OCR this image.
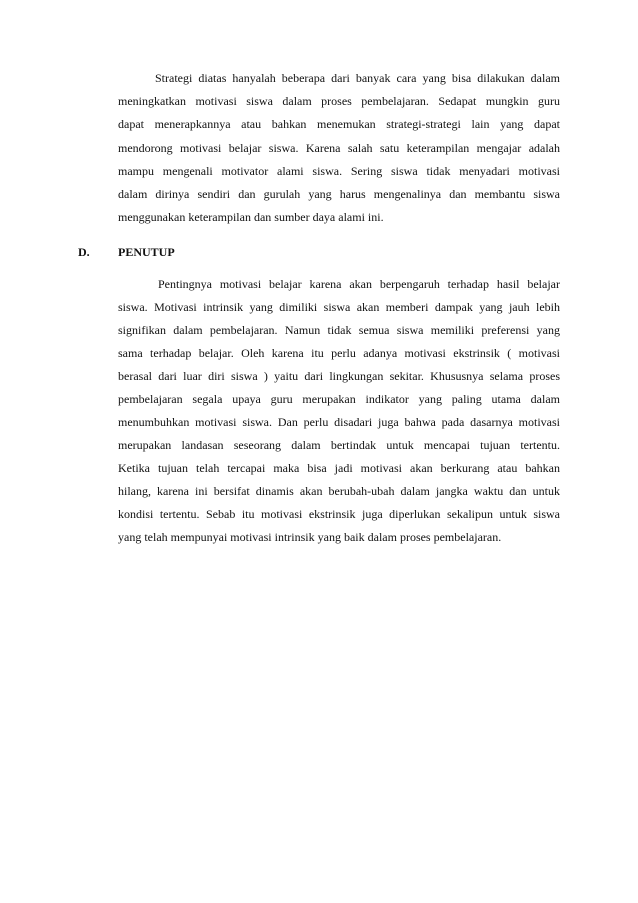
Strategi diatas hanyalah beberapa dari banyak cara yang bisa dilakukan dalam
meningkatkan motivasi siswa dalam proses pembelajaran. Sedapat mungkin guru
dapat menerapkannya atau bahkan menemukan strategi-strategi lain yang dapat
mendorong motivasi belajar siswa. Karena salah satu keterampilan mengajar adalah
mampu mengenali motivator alami siswa. Sering siswa tidak menyadari motivasi
dalam dirinya sendiri dan gurulah yang harus mengenalinya dan membantu siswa
menggunakan keterampilan dan sumber daya alami ini.
D. PENUTUP
Pentingnya motivasi belajar karena akan berpengaruh terhadap hasil belajar
siswa. Motivasi intrinsik yang dimiliki siswa akan memberi dampak yang jauh lebih
signifikan dalam pembelajaran. Namun tidak semua siswa memiliki preferensi yang
sama terhadap belajar. Oleh karena itu perlu adanya motivasi ekstrinsik ( motivasi
berasal dari luar diri siswa ) yaitu dari lingkungan sekitar. Khususnya selama proses
pembelajaran segala upaya guru merupakan indikator yang paling utama dalam
menumbuhkan motivasi siswa. Dan perlu disadari juga bahwa pada dasarnya motivasi
merupakan landasan seseorang dalam bertindak untuk mencapai tujuan tertentu.
Ketika tujuan telah tercapai maka bisa jadi motivasi akan berkurang atau bahkan
hilang, karena ini bersifat dinamis akan berubah-ubah dalam jangka waktu dan untuk
kondisi tertentu. Sebab itu motivasi ekstrinsik juga diperlukan sekalipun untuk siswa
yang telah mempunyai motivasi intrinsik yang baik dalam proses pembelajaran.
